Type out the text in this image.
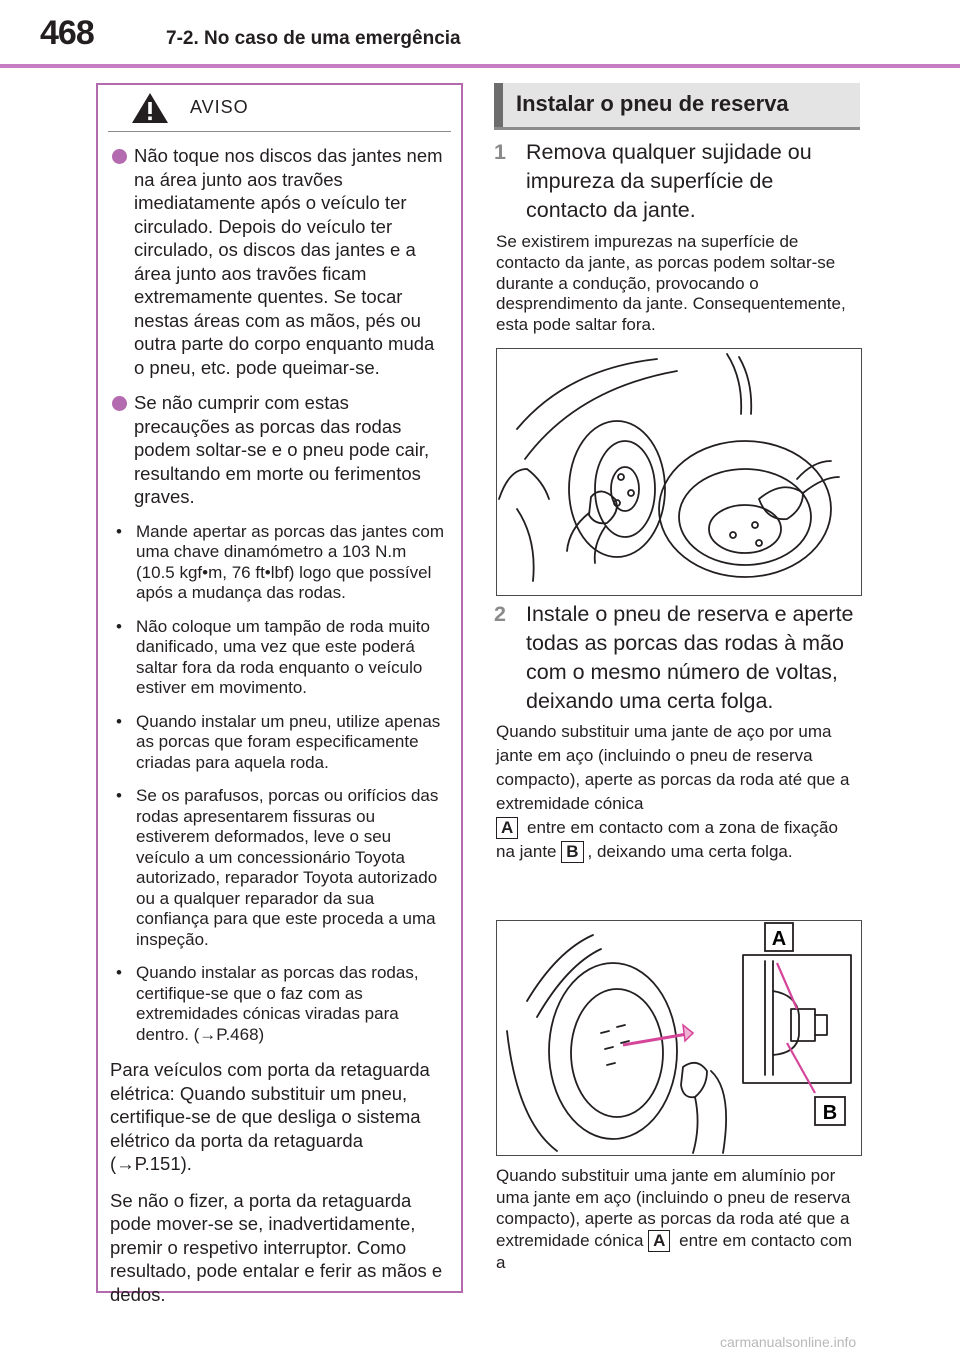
468	7-2. No caso de uma emergência
AVISO
Não toque nos discos das jantes nem na área junto aos travões imediatamente após o veículo ter circulado. Depois do veículo ter circulado, os discos das jantes e a área junto aos travões ficam extremamente quentes. Se tocar nestas áreas com as mãos, pés ou outra parte do corpo enquanto muda o pneu, etc. pode queimar-se.
Se não cumprir com estas precauções as porcas das rodas podem soltar-se e o pneu pode cair, resultando em morte ou ferimentos graves.
• Mande apertar as porcas das jantes com uma chave dinamómetro a 103 N.m (10.5 kgf•m, 76 ft•lbf) logo que possível após a mudança das rodas.
• Não coloque um tampão de roda muito danificado, uma vez que este poderá saltar fora da roda enquanto o veículo estiver em movimento.
• Quando instalar um pneu, utilize apenas as porcas que foram especificamente criadas para aquela roda.
• Se os parafusos, porcas ou orifícios das rodas apresentarem fissuras ou estiverem deformados, leve o seu veículo a um concessionário Toyota autorizado, reparador Toyota autorizado ou a qualquer reparador da sua confiança para que este proceda a uma inspeção.
• Quando instalar as porcas das rodas, certifique-se que o faz com as extremidades cónicas viradas para dentro. (→P.468)
Para veículos com porta da retaguarda elétrica: Quando substituir um pneu, certifique-se de que desliga o sistema elétrico da porta da retaguarda (→P.151).
Se não o fizer, a porta da retaguarda pode mover-se se, inadvertidamente, premir o respetivo interruptor. Como resultado, pode entalar e ferir as mãos e dedos.
Instalar o pneu de reserva
1 Remova qualquer sujidade ou impureza da superfície de contacto da jante.
Se existirem impurezas na superfície de contacto da jante, as porcas podem soltar-se durante a condução, provocando o desprendimento da jante. Consequentemente, esta pode saltar fora.
2 Instale o pneu de reserva e aperte todas as porcas das rodas à mão com o mesmo número de voltas, deixando uma certa folga.
Quando substituir uma jante de aço por uma jante em aço (incluindo o pneu de reserva compacto), aperte as porcas da roda até que a extremidade cónica
A entre em contacto com a zona de fixação na jante B , deixando uma certa folga.
A
B
Quando substituir uma jante em alumínio por uma jante em aço (incluindo o pneu de reserva compacto), aperte as porcas da roda até que a extremidade cónica A entre em contacto com a
carmanualsonline.info
